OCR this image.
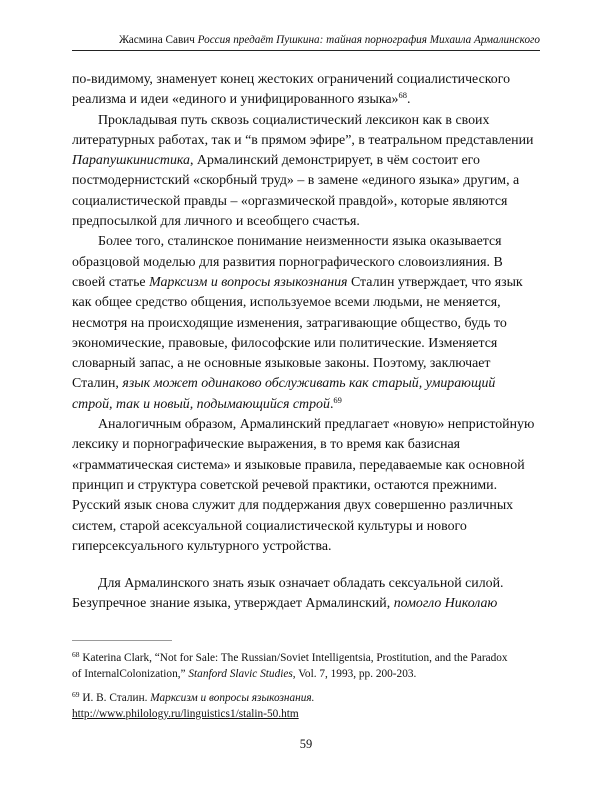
Жасмина Савич Россия предаёт Пушкина: тайная порнография Михаила Армалинского
по-видимому, знаменует конец жестоких ограничений социалистического
реализма и идеи «единого и унифицированного языка»$^{68}$.
Прокладывая путь сквозь социалистический лексикон как в своих
литературных работах, так и “в прямом эфире”, в театральном представлении
Парапушкинистика, Армалинский демонстрирует, в чём состоит его
постмодернистский «скорбный труд» – в замене «единого языка» другим, а
социалистической правды – «оргазмической правдой», которые являются
предпосылкой для личного и всеобщего счастья.
Более того, сталинское понимание неизменности языка оказывается
образцовой моделью для развития порнографического словоизлияния. В
своей статье Марксизм и вопросы языкознания Сталин утверждает, что язык
как общее средство общения, используемое всеми людьми, не меняется,
несмотря на происходящие изменения, затрагивающие общество, будь то
экономические, правовые, философские или политические. Изменяется
словарный запас, а не основные языковые законы. Поэтому, заключает
Сталин, язык может одинаково обслуживать как старый, умирающий
строй, так и новый, подымающийся строй.$^{69}$
Аналогичным образом, Армалинский предлагает «новую» непристойную
лексику и порнографические выражения, в то время как базисная
«грамматическая система» и языковые правила, передаваемые как основной
принцип и структура советской речевой практики, остаются прежними.
Русский язык снова служит для поддержания двух совершенно различных
систем, старой асексуальной социалистической культуры и нового
гиперсексуального культурного устройства.
Для Армалинского знать язык означает обладать сексуальной силой.
Безупречное знание языка, утверждает Армалинский, помогло Николаю
$^{68}$ Katerina Clark, “Not for Sale: The Russian/Soviet Intelligentsia, Prostitution, and the Paradox
of InternalColonization,” Stanford Slavic Studies, Vol. 7, 1993, pp. 200-203.
$^{69}$ И. В. Сталин. Марксизм и вопросы языкознания.
http://www.philology.ru/linguistics1/stalin-50.htm
59
